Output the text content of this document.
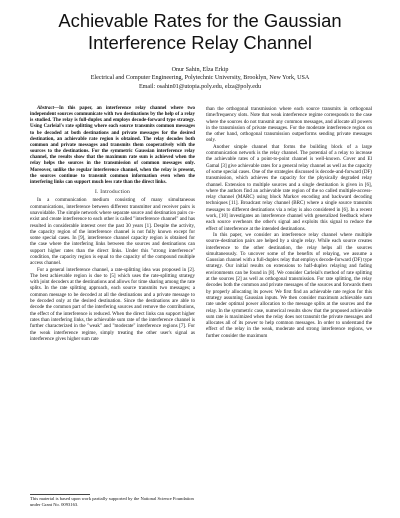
Achievable Rates for the Gaussian Interference Relay Channel
Onur Sahin, Elza Erkip
Electrical and Computer Engineering, Polytechnic University, Brooklyn, New York, USA
Email: osahin01@utopia.poly.edu, elza@poly.edu

Abstract—In this paper, an interference relay channel where two independent sources communicate with two destinations by the help of a relay is studied. The relay is full-duplex and employs decode-forward type strategy. Using Carleial's rate splitting where each source transmits common messages to be decoded at both destinations and private messages for the desired destination, an achievable rate region is obtained. The relay decodes both common and private messages and transmits them cooperatively with the sources to the destinations. For the symmetric Gaussian interference relay channel, the results show that the maximum rate sum is achieved when the relay helps the sources in the transmission of common messages only. Moreover, unlike the regular interference channel, when the relay is present, the sources continue to transmit common information even when the interfering links can support much less rate than the direct links.

I. Introduction

In a communication medium consisting of many simultaneous communications, interference between different transmitter and receiver pairs is unavoidable. The simple network where separate source and destination pairs co-exist and create interference to each other is called "interference channel" and has resulted in considerable interest over the past 30 years [1]. Despite the activity, the capacity region of the interference channel is not fully known except for some special cases. In [9], interference channel capacity region is obtained for the case where the interfering links between the sources and destinations can support higher rates than the direct links. Under this "strong interference" condition, the capacity region is equal to the capacity of the compound multiple access channel.

For a general interference channel, a rate-splitting idea was proposed in [2]. The best achievable region is due to [5] which uses the rate-splitting strategy with joint decoders at the destinations and allows for time sharing among the rate splits. In the rate splitting approach, each source transmits two messages; a common message to be decoded at all the destinations and a private message to be decoded only at the desired destination. Since the destinations are able to decode the common part of the interfering sources and remove the contributions, the effect of the interference is reduced. When the direct links can support higher rates than interfering links, the achievable sum rate of the interference channel is further characterized in the "weak" and "moderate" interference regions [7]. For the weak interference regime, simply treating the other user's signal as interference gives higher sum rate

than the orthogonal transmission where each source transmits in orthogonal time/frequency slots. Note that weak interference regime corresponds to the case where the sources do not transmit any common messages, and allocate all powers in the transmission of private messages. For the moderate interference region on the other hand, orthogonal transmission outperforms sending private messages only.

Another simple channel that forms the building block of a large communication network is the relay channel. The potential of a relay to increase the achievable rates of a point-to-point channel is well-known. Cover and El Gamal [3] give achievable rates for a general relay channel as well as the capacity of some special cases. One of the strategies discussed is decode-and-forward (DF) transmission, which achieves the capacity for the physically degraded relay channel. Extension to multiple sources and a single destination is given in [6], where the authors find an achievable rate region of the so called multiple-access-relay channel (MARC) using block Markov encoding and backward decoding techniques [11]. Broadcast relay channel (BRC) where a single source transmits messages to different destinations via a relay is also considered in [6]. In a recent work, [10] investigates an interference channel with generalized feedback where each source overhears the other's signal and exploits this signal to reduce the effect of interference at the intended destinations.

In this paper, we consider an interference relay channel where multiple source-destination pairs are helped by a single relay. While each source creates interference to the other destination, the relay helps all the sources simultaneously. To uncover some of the benefits of relaying, we assume a Gaussian channel with a full-duplex relay that employs decode-forward (DF) type strategy. Our initial results on extensions to half-duplex relaying and fading environments can be found in [8]. We consider Carleial's method of rate splitting at the sources [2] as well as orthogonal transmission. For rate splitting, the relay decodes both the common and private messages of the sources and forwards them by properly allocating its power. We first find an achievable rate region for this strategy assuming Gaussian inputs. We then consider maximum achievable sum rate under optimal power allocation to the message splits at the sources and the relay. In the symmetric case, numerical results show that the proposed achievable sum rate is maximized when the relay does not transmit the private messages and allocates all of its power to help common messages. In order to understand the effect of the relay in the weak, moderate and strong interference regions, we further consider the maximum

This material is based upon work partially supported by the National Science Foundation under Grant No. 0093163.
